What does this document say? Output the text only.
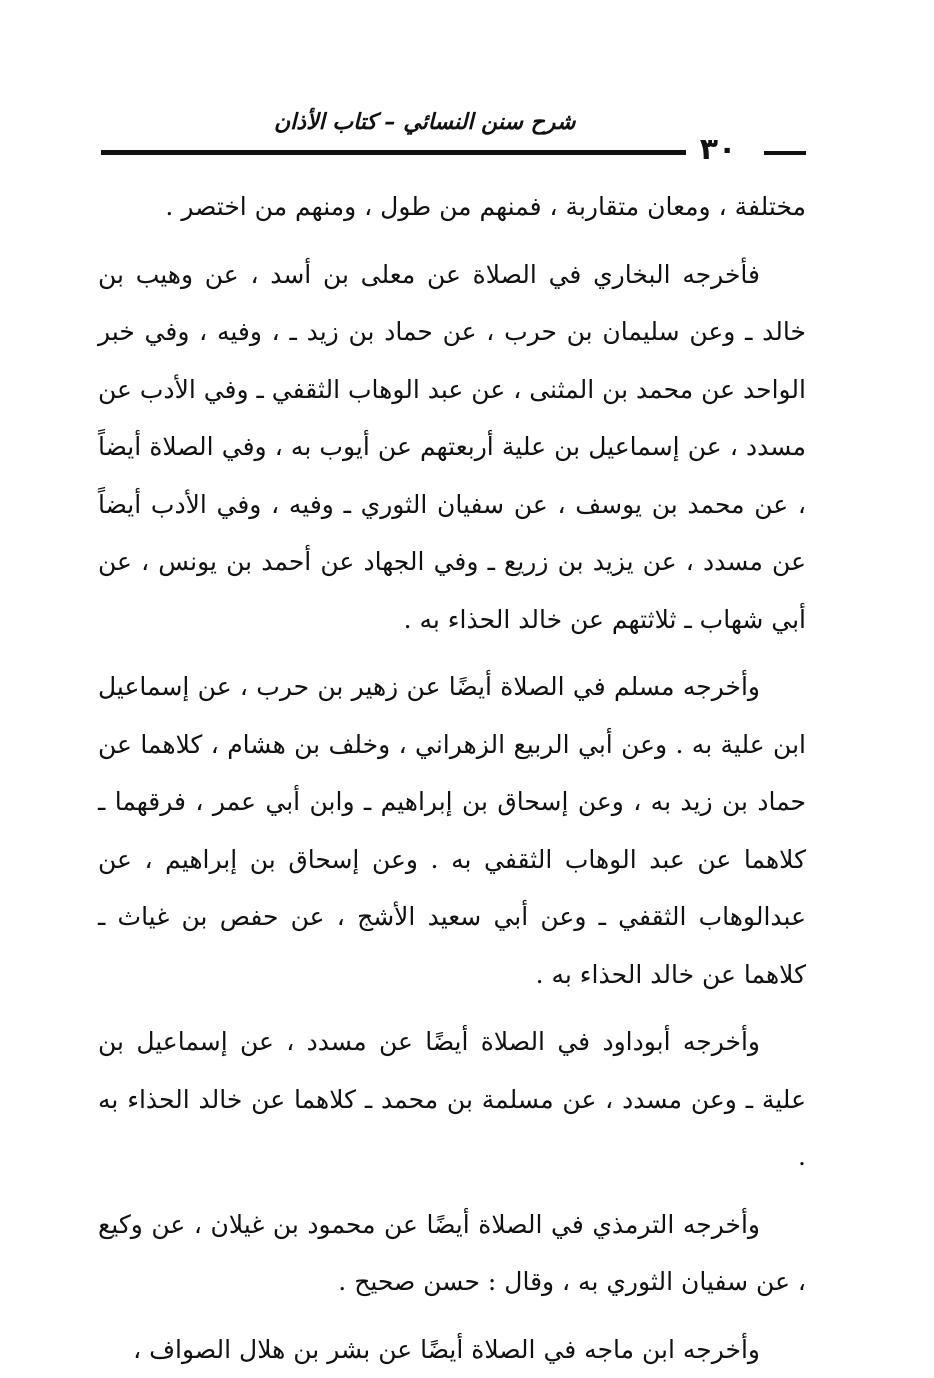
شرح سنن النسائي – كتاب الأذان
٣٠

مختلفة ، ومعان متقاربة ، فمنهم من طول ، ومنهم من اختصر .

فأخرجه البخاري في الصلاة عن معلى بن أسد ، عن وهيب بن خالد ـ وعن سليمان بن حرب ، عن حماد بن زيد ـ ، وفيه ، وفي خبر الواحد عن محمد بن المثنى ، عن عبد الوهاب الثقفي ـ وفي الأدب عن مسدد ، عن إسماعيل بن علية أربعتهم عن أيوب به ، وفي الصلاة أيضاً ، عن محمد بن يوسف ، عن سفيان الثوري ـ وفيه ، وفي الأدب أيضاً عن مسدد ، عن يزيد بن زريع ـ وفي الجهاد عن أحمد بن يونس ، عن أبي شهاب ـ ثلاثتهم عن خالد الحذاء به .

وأخرجه مسلم في الصلاة أيضًا عن زهير بن حرب ، عن إسماعيل ابن علية به . وعن أبي الربيع الزهراني ، وخلف بن هشام ، كلاهما عن حماد بن زيد به ، وعن إسحاق بن إبراهيم ـ وابن أبي عمر ، فرقهما ـ كلاهما عن عبد الوهاب الثقفي به . وعن إسحاق بن إبراهيم ، عن عبدالوهاب الثقفي ـ وعن أبي سعيد الأشج ، عن حفص بن غياث ـ كلاهما عن خالد الحذاء به .

وأخرجه أبوداود في الصلاة أيضًا عن مسدد ، عن إسماعيل بن علية ـ وعن مسدد ، عن مسلمة بن محمد ـ كلاهما عن خالد الحذاء به .

وأخرجه الترمذي في الصلاة أيضًا عن محمود بن غيلان ، عن وكيع ، عن سفيان الثوري به ، وقال : حسن صحيح .

وأخرجه ابن ماجه في الصلاة أيضًا عن بشر بن هلال الصواف ،
